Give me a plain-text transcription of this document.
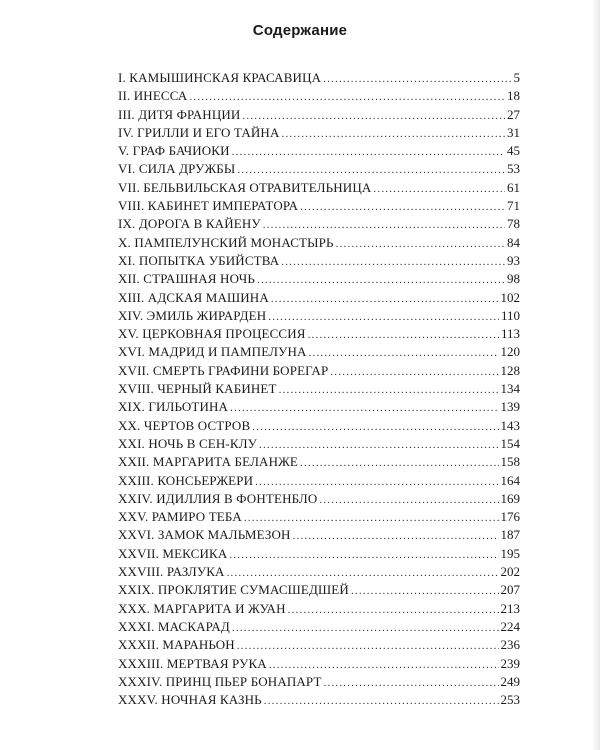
Содержание
I. КАМЫШИНСКАЯ КРАСАВИЦА .....	5
II. ИНЕССА .....	18
III. ДИТЯ ФРАНЦИИ .....	27
IV. ГРИЛЛИ И ЕГО ТАЙНА .....	31
V. ГРАФ БАЧИОКИ .....	45
VI. СИЛА ДРУЖБЫ .....	53
VII. БЕЛЬВИЛЬСКАЯ ОТРАВИТЕЛЬНИЦА .....	61
VIII. КАБИНЕТ ИМПЕРАТОРА .....	71
IX. ДОРОГА В КАЙЕНУ .....	78
X. ПАМПЕЛУНСКИЙ МОНАСТЫРЬ .....	84
XI. ПОПЫТКА УБИЙСТВА .....	93
XII. СТРАШНАЯ НОЧЬ .....	98
XIII. АДСКАЯ МАШИНА .....	102
XIV. ЭМИЛЬ ЖИРАРДЕН .....	110
XV. ЦЕРКОВНАЯ ПРОЦЕССИЯ .....	113
XVI. МАДРИД И ПАМПЕЛУНА .....	120
XVII. СМЕРТЬ ГРАФИНИ БОРЕГАР .....	128
XVIII. ЧЕРНЫЙ КАБИНЕТ .....	134
XIX. ГИЛЬОТИНА .....	139
XX. ЧЕРТОВ ОСТРОВ .....	143
XXI. НОЧЬ В СЕН-КЛУ .....	154
XXII. МАРГАРИТА БЕЛАНЖЕ .....	158
XXIII. КОНСЬЕРЖЕРИ .....	164
XXIV. ИДИЛЛИЯ В ФОНТЕНБЛО .....	169
XXV. РАМИРО ТЕБА .....	176
XXVI. ЗАМОК МАЛЬМЕЗОН .....	187
XXVII. МЕКСИКА .....	195
XXVIII. РАЗЛУКА .....	202
XXIX. ПРОКЛЯТИЕ СУМАСШЕДШЕЙ .....	207
XXX. МАРГАРИТА И ЖУАН .....	213
XXXI. МАСКАРАД .....	224
XXXII. МАРАНЬОН .....	236
XXXIII. МЕРТВАЯ РУКА .....	239
XXXIV. ПРИНЦ ПЬЕР БОНАПАРТ .....	249
XXXV. НОЧНАЯ КАЗНЬ .....	253
